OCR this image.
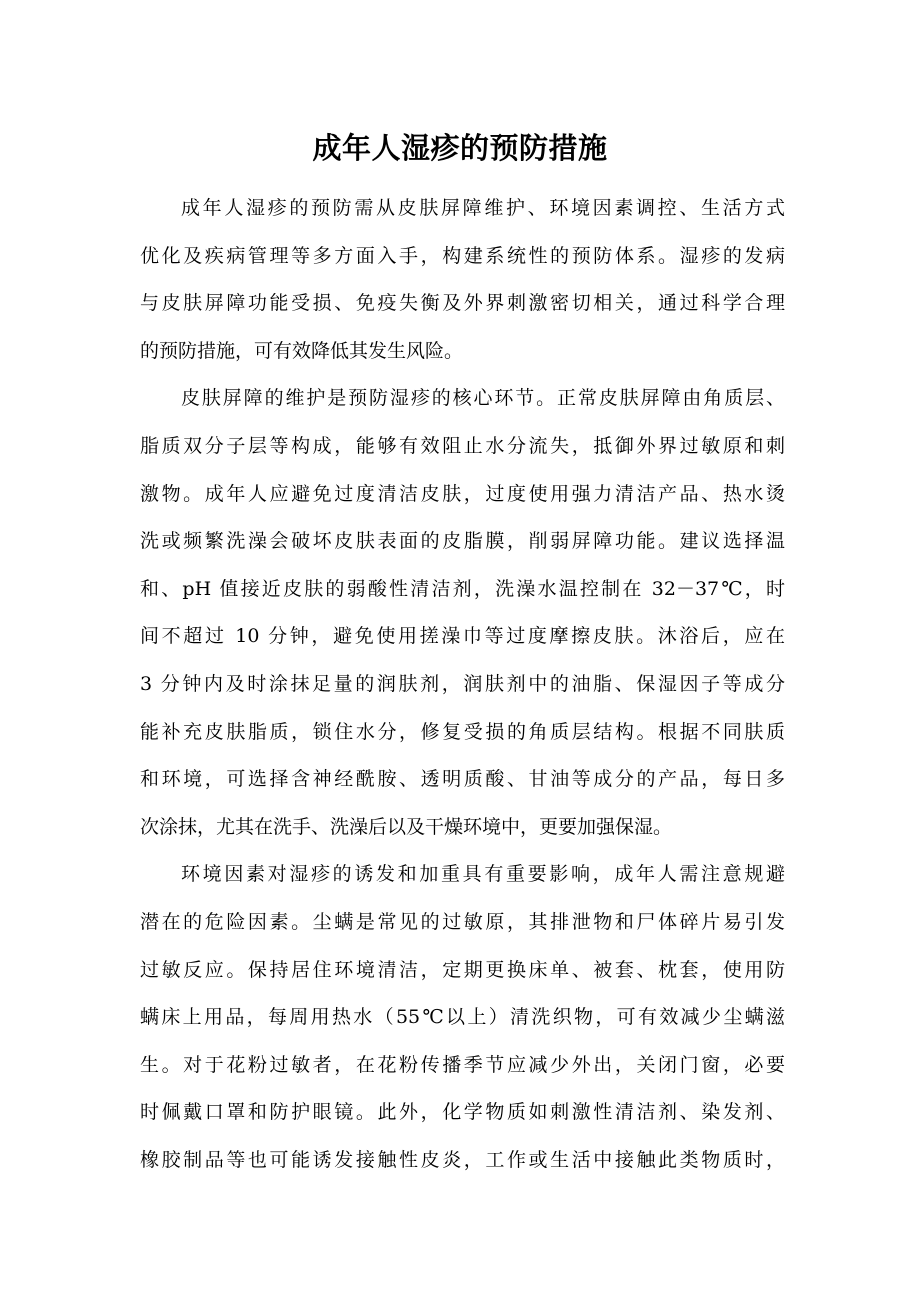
成年人湿疹的预防措施
成年人湿疹的预防需从皮肤屏障维护、环境因素调控、生活方式
优化及疾病管理等多方面入手，构建系统性的预防体系。湿疹的发病
与皮肤屏障功能受损、免疫失衡及外界刺激密切相关，通过科学合理
的预防措施，可有效降低其发生风险。
皮肤屏障的维护是预防湿疹的核心环节。正常皮肤屏障由角质层、
脂质双分子层等构成，能够有效阻止水分流失，抵御外界过敏原和刺
激物。成年人应避免过度清洁皮肤，过度使用强力清洁产品、热水烫
洗或频繁洗澡会破坏皮肤表面的皮脂膜，削弱屏障功能。建议选择温
和、pH 值接近皮肤的弱酸性清洁剂，洗澡水温控制在 32－37℃，时
间不超过 10 分钟，避免使用搓澡巾等过度摩擦皮肤。沐浴后，应在
3 分钟内及时涂抹足量的润肤剂，润肤剂中的油脂、保湿因子等成分
能补充皮肤脂质，锁住水分，修复受损的角质层结构。根据不同肤质
和环境，可选择含神经酰胺、透明质酸、甘油等成分的产品，每日多
次涂抹，尤其在洗手、洗澡后以及干燥环境中，更要加强保湿。
环境因素对湿疹的诱发和加重具有重要影响，成年人需注意规避
潜在的危险因素。尘螨是常见的过敏原，其排泄物和尸体碎片易引发
过敏反应。保持居住环境清洁，定期更换床单、被套、枕套，使用防
螨床上用品，每周用热水（55℃以上）清洗织物，可有效减少尘螨滋
生。对于花粉过敏者，在花粉传播季节应减少外出，关闭门窗，必要
时佩戴口罩和防护眼镜。此外，化学物质如刺激性清洁剂、染发剂、
橡胶制品等也可能诱发接触性皮炎，工作或生活中接触此类物质时，
